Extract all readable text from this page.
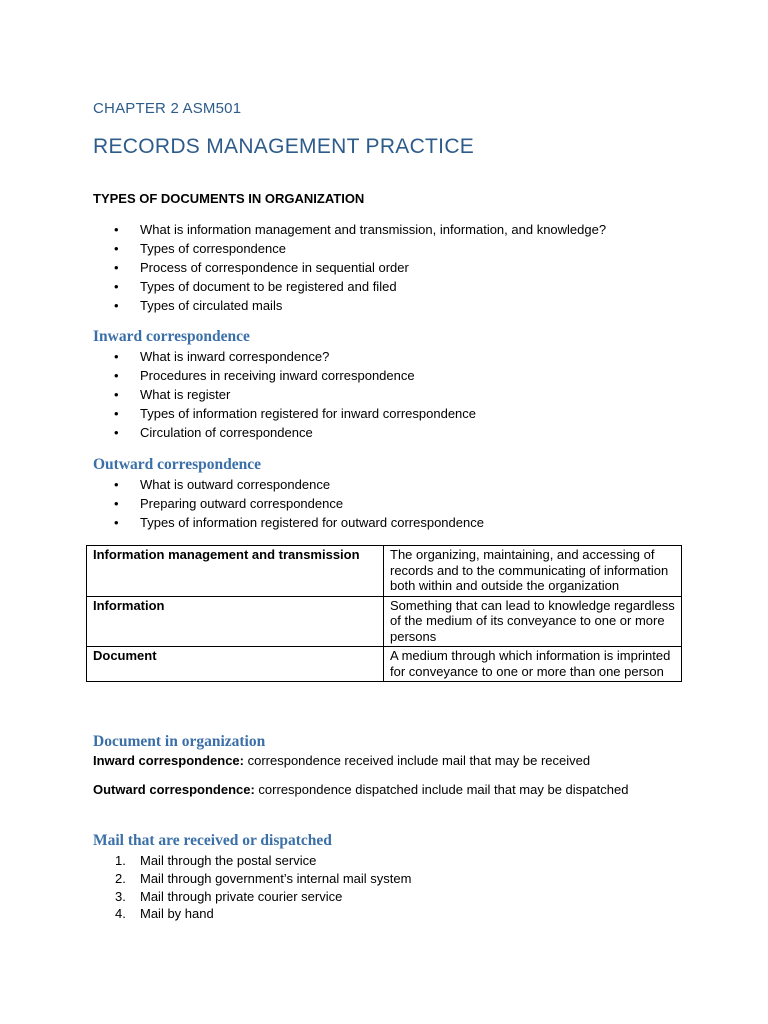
CHAPTER 2 ASM501
RECORDS MANAGEMENT PRACTICE
TYPES OF DOCUMENTS IN ORGANIZATION
• What is information management and transmission, information, and knowledge?
• Types of correspondence
• Process of correspondence in sequential order
• Types of document to be registered and filed
• Types of circulated mails
Inward correspondence
• What is inward correspondence?
• Procedures in receiving inward correspondence
• What is register
• Types of information registered for inward correspondence
• Circulation of correspondence
Outward correspondence
• What is outward correspondence
• Preparing outward correspondence
• Types of information registered for outward correspondence
Information management and transmission	The organizing, maintaining, and accessing of records and to the communicating of information both within and outside the organization
Information	Something that can lead to knowledge regardless of the medium of its conveyance to one or more persons
Document	A medium through which information is imprinted for conveyance to one or more than one person
Document in organization
Inward correspondence: correspondence received include mail that may be received
Outward correspondence: correspondence dispatched include mail that may be dispatched
Mail that are received or dispatched
1. Mail through the postal service
2. Mail through government’s internal mail system
3. Mail through private courier service
4. Mail by hand
